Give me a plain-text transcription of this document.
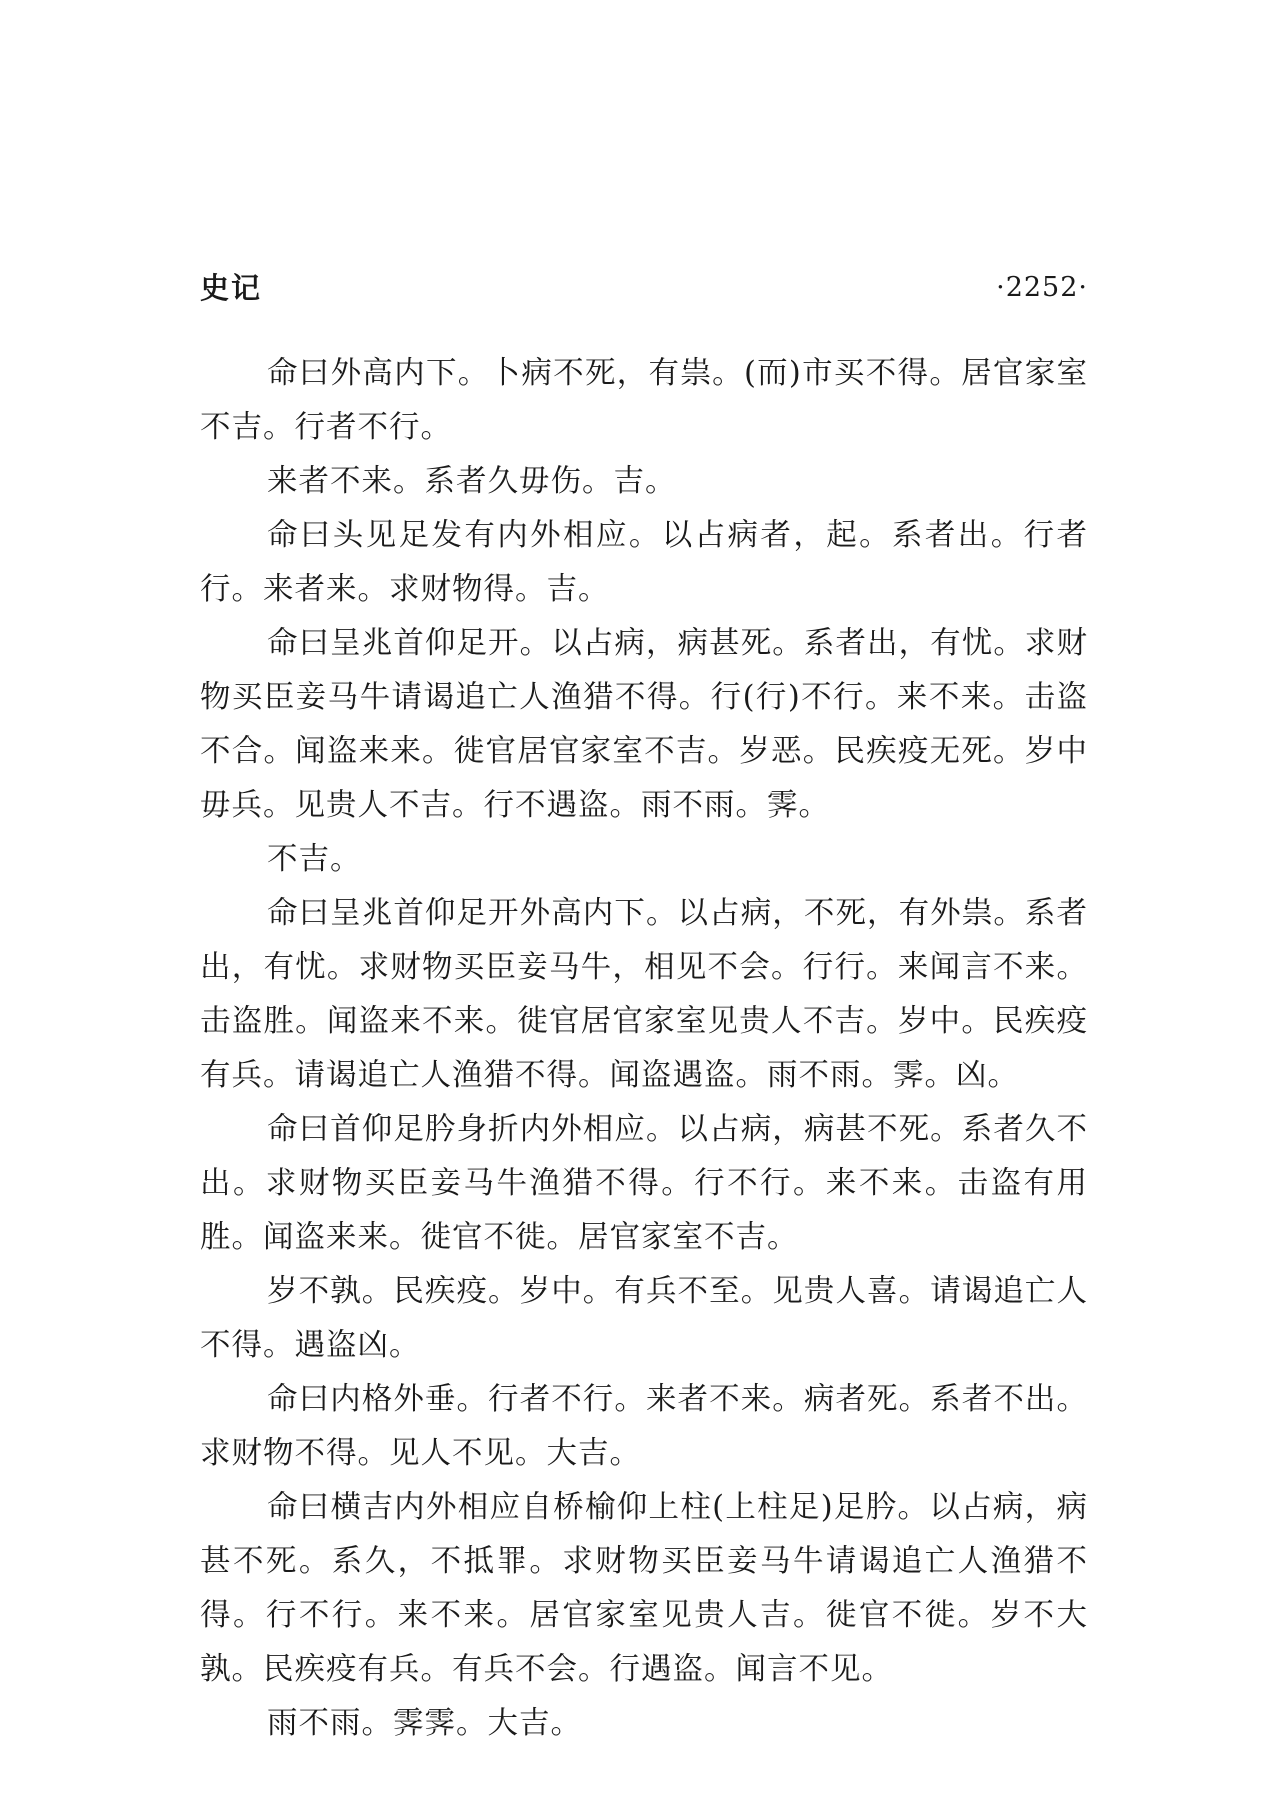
史记	·2252·

命曰外高内下。卜病不死，有祟。(而)市买不得。居官家室不吉。行者不行。

来者不来。系者久毋伤。吉。

命曰头见足发有内外相应。以占病者，起。系者出。行者行。来者来。求财物得。吉。

命曰呈兆首仰足开。以占病，病甚死。系者出，有忧。求财物买臣妾马牛请谒追亡人渔猎不得。行(行)不行。来不来。击盗不合。闻盗来来。徙官居官家室不吉。岁恶。民疾疫无死。岁中毋兵。见贵人不吉。行不遇盗。雨不雨。霁。

不吉。

命曰呈兆首仰足开外高内下。以占病，不死，有外祟。系者出，有忧。求财物买臣妾马牛，相见不会。行行。来闻言不来。击盗胜。闻盗来不来。徙官居官家室见贵人不吉。岁中。民疾疫有兵。请谒追亡人渔猎不得。闻盗遇盗。雨不雨。霁。凶。

命曰首仰足肣身折内外相应。以占病，病甚不死。系者久不出。求财物买臣妾马牛渔猎不得。行不行。来不来。击盗有用胜。闻盗来来。徙官不徙。居官家室不吉。

岁不孰。民疾疫。岁中。有兵不至。见贵人喜。请谒追亡人不得。遇盗凶。

命曰内格外垂。行者不行。来者不来。病者死。系者不出。求财物不得。见人不见。大吉。

命曰横吉内外相应自桥榆仰上柱(上柱足)足肣。以占病，病甚不死。系久，不抵罪。求财物买臣妾马牛请谒追亡人渔猎不得。行不行。来不来。居官家室见贵人吉。徙官不徙。岁不大孰。民疾疫有兵。有兵不会。行遇盗。闻言不见。

雨不雨。霁霁。大吉。
